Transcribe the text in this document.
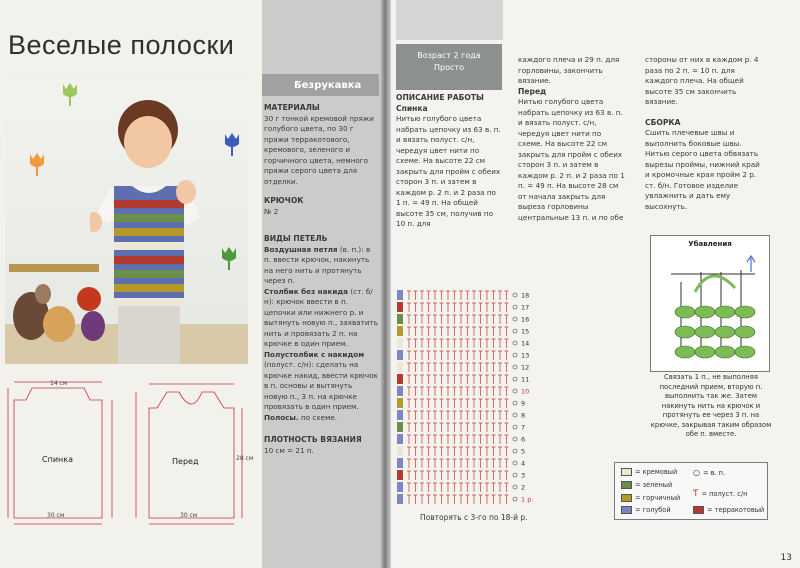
Веселые полоски
Спинка	Перед
14 см
30 см	30 см
28 см
Безрукавка
МАТЕРИАЛЫ
30 г тонкой кремовой пряжи голубого цвета, по 30 г пряжи терракотового, кремового, зеленого и горчичного цвета, немного пряжи серого цвета для отделки.
КРЮЧОК
№ 2
ВИДЫ ПЕТЕЛЬ
Воздушная петля (в. п.): в п. ввести крючок, накинуть на него нить и протянуть через п.
Столбик без накида (ст. б/н): крючок ввести в п. цепочки или нижнего р. и вытянуть новую п., захватить нить и провязать 2 п. на крючке в один прием.
Полустолбик с накидом (полуст. с/н): сделать на крючке накид, ввести крючок в п. основы и вытянуть новую п., 3 п. на крючке провязать в один прием.
Полосы. по схеме.
ПЛОТНОСТЬ ВЯЗАНИЯ
10 см = 21 п.
Возраст 2 года
Просто
ОПИСАНИЕ РАБОТЫ
Спинка
Нитью голубого цвета набрать цепочку из 63 в. п. и вязать полуст. с/н, чередуя цвет нити по схеме. На высоте 22 см закрыть для пройм с обеих сторон 3 п. и затем в каждом р. 2 п. и 2 раза по 1 п. = 49 п. На общей высоте 35 см, получив по 10 п. для
каждого плеча и 29 п. для горловины, закончить вязание.
Перед
Нитью голубого цвета набрать цепочку из 63 в. п. и вязать полуст. с/н, чередуя цвет нити по схеме. На высоте 22 см закрыть для пройм с обеих сторон 3 п. и затем в каждом р. 2 п. и 2 раза по 1 п. = 49 п. На высоте 28 см от начала закрыть для выреза горловины центральные 13 п. и по обе
стороны от них в каждом р. 4 раза по 2 п. = 10 п. для каждого плеча. На общей высоте 35 см закончить вязание.
СБОРКА
Сшить плечевые швы и выполнить боковые швы. Нитью серого цвета обвязать вырезы проймы, нижний край и кромочные края пройм 2 р. ст. б/н. Готовое изделие увлажнить и дать ему высохнуть.
18
17
16
15
14
13
12
11
10
9
8
7
6
5
4
3
2
1 р.
Повторять с 3-го по 18-й р.
Убавления
Связать 1 п., не выполняя последний прием, вторую п. выполнить так же. Затем накинуть нить на крючок и протянуть ее через 3 п. на крючке, закрывая таким образом обе п. вместе.
= кремовый
= зеленый
= горчичный
= голубой
○ = в. п.
Ƭ = полуст. с/н
= терракотовый
13
